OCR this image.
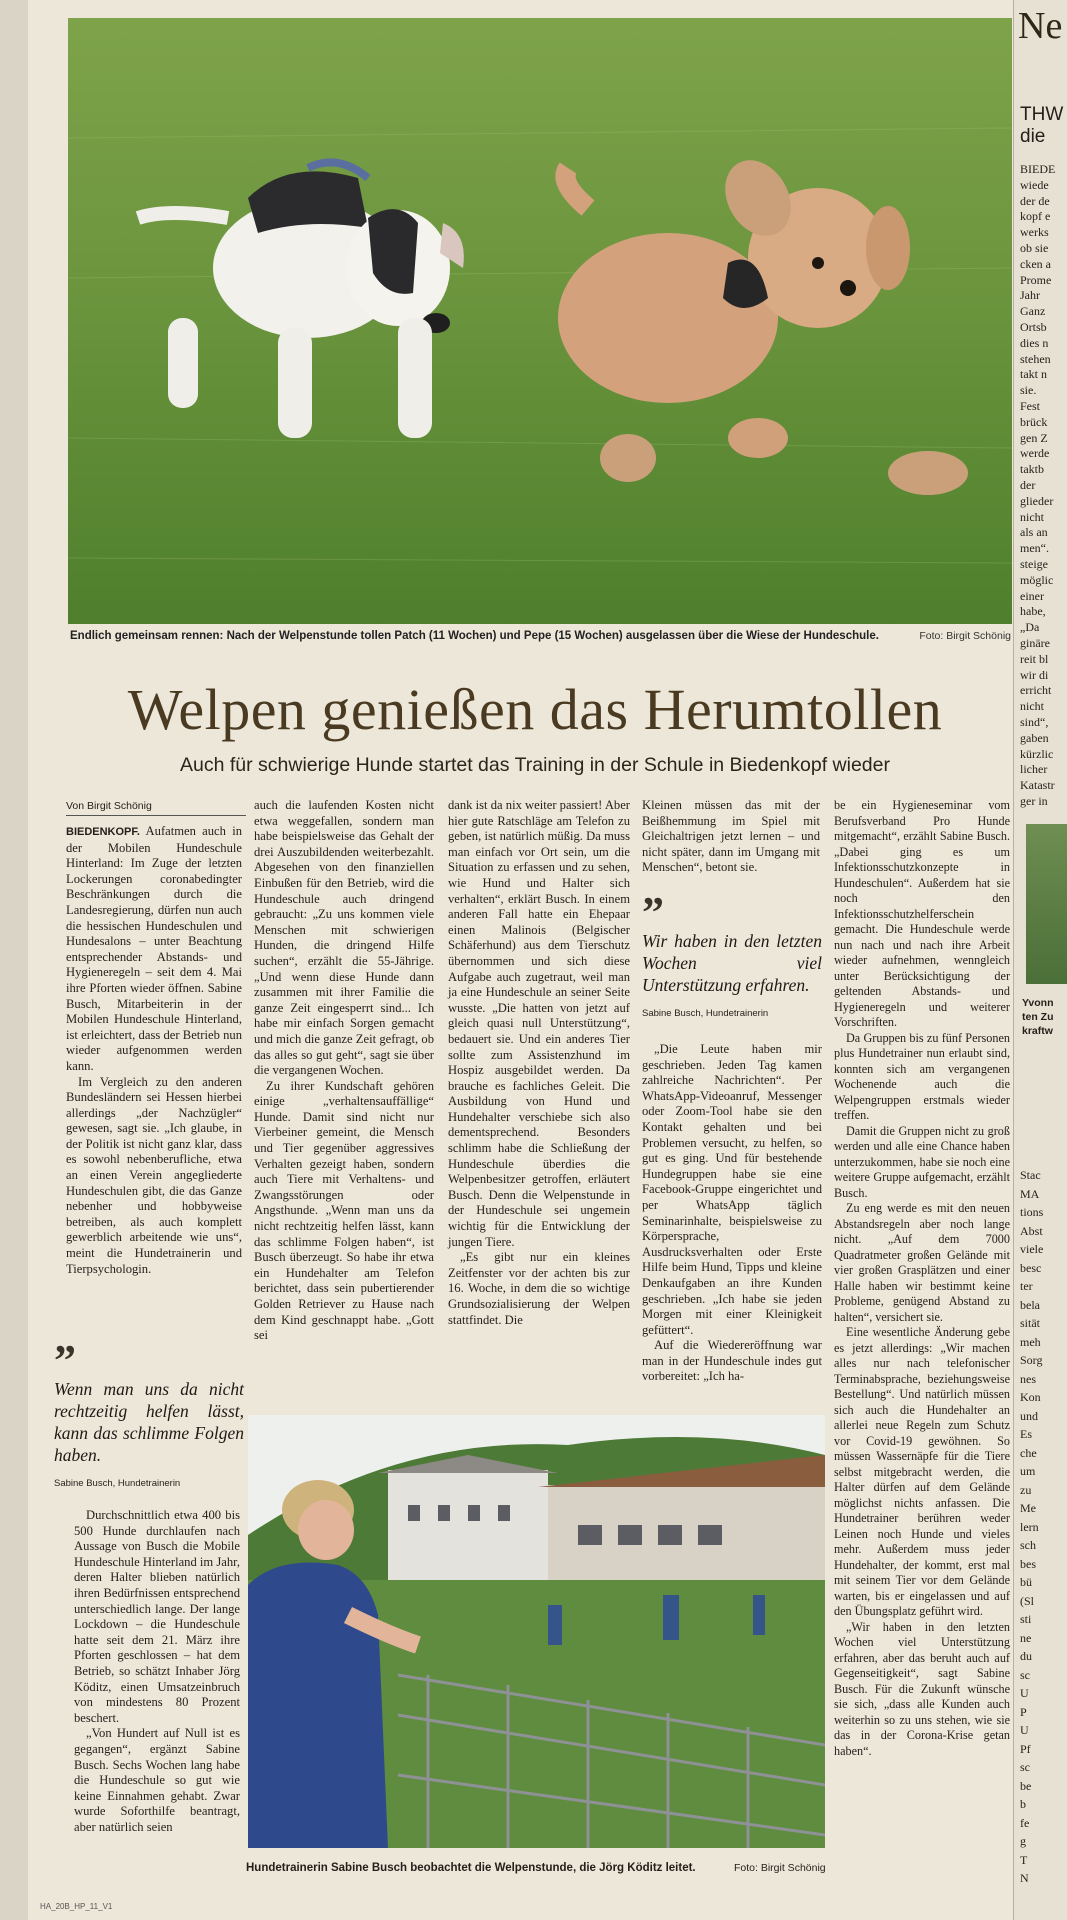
Endlich gemeinsam rennen: Nach der Welpenstunde tollen Patch (11 Wochen) und Pepe (15 Wochen) ausgelassen über die Wiese der Hundeschule.	Foto: Birgit Schönig
Welpen genießen das Herumtollen
Auch für schwierige Hunde startet das Training in der Schule in Biedenkopf wieder
Von Birgit Schönig

BIEDENKOPF. Aufatmen auch in der Mobilen Hundeschule Hinterland: Im Zuge der letzten Lockerungen coronabedingter Beschränkungen durch die Landesregierung, dürfen nun auch die hessischen Hundeschulen und Hundesalons – unter Beachtung entsprechender Abstands- und Hygieneregeln – seit dem 4. Mai ihre Pforten wieder öffnen. Sabine Busch, Mitarbeiterin in der Mobilen Hundeschule Hinterland, ist erleichtert, dass der Betrieb nun wieder aufgenommen werden kann.

Im Vergleich zu den anderen Bundesländern sei Hessen hierbei allerdings „der Nachzügler“ gewesen, sagt sie. „Ich glaube, in der Politik ist nicht ganz klar, dass es sowohl nebenberufliche, etwa an einen Verein angegliederte Hundeschulen gibt, die das Ganze nebenher und hobbyweise betreiben, als auch komplett gewerblich arbeitende wie uns“, meint die Hundetrainerin und Tierpsychologin.

”
Wenn man uns da nicht rechtzeitig helfen lässt, kann das schlimme Folgen haben.
Sabine Busch, Hundetrainerin

Durchschnittlich etwa 400 bis 500 Hunde durchlaufen nach Aussage von Busch die Mobile Hundeschule Hinterland im Jahr, deren Halter blieben natürlich ihren Bedürfnissen entsprechend unterschiedlich lange. Der lange Lockdown – die Hundeschule hatte seit dem 21. März ihre Pforten geschlossen – hat dem Betrieb, so schätzt Inhaber Jörg Köditz, einen Umsatzeinbruch von mindestens 80 Prozent beschert.

„Von Hundert auf Null ist es gegangen“, ergänzt Sabine Busch. Sechs Wochen lang habe die Hundeschule so gut wie keine Einnahmen gehabt. Zwar wurde Soforthilfe beantragt, aber natürlich seien

auch die laufenden Kosten nicht etwa weggefallen, sondern man habe beispielsweise das Gehalt der drei Auszubildenden weiterbezahlt. Abgesehen von den finanziellen Einbußen für den Betrieb, wird die Hundeschule auch dringend gebraucht: „Zu uns kommen viele Menschen mit schwierigen Hunden, die dringend Hilfe suchen“, erzählt die 55-Jährige. „Und wenn diese Hunde dann zusammen mit ihrer Familie die ganze Zeit eingesperrt sind... Ich habe mir einfach Sorgen gemacht und mich die ganze Zeit gefragt, ob das alles so gut geht“, sagt sie über die vergangenen Wochen.

Zu ihrer Kundschaft gehören einige „verhaltensauffällige“ Hunde. Damit sind nicht nur Vierbeiner gemeint, die Mensch und Tier gegenüber aggressives Verhalten gezeigt haben, sondern auch Tiere mit Verhaltens- und Zwangsstörungen oder Angsthunde. „Wenn man uns da nicht rechtzeitig helfen lässt, kann das schlimme Folgen haben“, ist Busch überzeugt. So habe ihr etwa ein Hundehalter am Telefon berichtet, dass sein pubertierender Golden Retriever zu Hause nach dem Kind geschnappt habe. „Gott sei

dank ist da nix weiter passiert! Aber hier gute Ratschläge am Telefon zu geben, ist natürlich müßig. Da muss man einfach vor Ort sein, um die Situation zu erfassen und zu sehen, wie Hund und Halter sich verhalten“, erklärt Busch. In einem anderen Fall hatte ein Ehepaar einen Malinois (Belgischer Schäferhund) aus dem Tierschutz übernommen und sich diese Aufgabe auch zugetraut, weil man ja eine Hundeschule an seiner Seite wusste. „Die hatten von jetzt auf gleich quasi null Unterstützung“, bedauert sie. Und ein anderes Tier sollte zum Assistenzhund im Hospiz ausgebildet werden. Da brauche es fachliches Geleit. Die Ausbildung von Hund und Hundehalter verschiebe sich also dementsprechend. Besonders schlimm habe die Schließung der Hundeschule überdies die Welpenbesitzer getroffen, erläutert Busch. Denn die Welpenstunde in der Hundeschule sei ungemein wichtig für die Entwicklung der jungen Tiere.

„Es gibt nur ein kleines Zeitfenster vor der achten bis zur 16. Woche, in dem die so wichtige Grundsozialisierung der Welpen stattfindet. Die

Kleinen müssen das mit der Beißhemmung im Spiel mit Gleichaltrigen jetzt lernen – und nicht später, dann im Umgang mit Menschen“, betont sie.

”
Wir haben in den letzten Wochen viel Unterstützung erfahren.
Sabine Busch, Hundetrainerin

„Die Leute haben mir geschrieben. Jeden Tag kamen zahlreiche Nachrichten“. Per WhatsApp-Videoanruf, Messenger oder Zoom-Tool habe sie den Kontakt gehalten und bei Problemen versucht, zu helfen, so gut es ging. Und für bestehende Hundegruppen habe sie eine Facebook-Gruppe eingerichtet und per WhatsApp täglich Seminarinhalte, beispielsweise zu Körpersprache, Ausdrucksverhalten oder Erste Hilfe beim Hund, Tipps und kleine Denkaufgaben an ihre Kunden geschrieben. „Ich habe sie jeden Morgen mit einer Kleinigkeit gefüttert“.

Auf die Wiedereröffnung war man in der Hundeschule indes gut vorbereitet: „Ich ha-

be ein Hygieneseminar vom Berufsverband Pro Hunde mitgemacht“, erzählt Sabine Busch. „Dabei ging es um Infektionsschutzkonzepte in Hundeschulen“. Außerdem hat sie noch den Infektionsschutzhelferschein gemacht. Die Hundeschule werde nun nach und nach ihre Arbeit wieder aufnehmen, wenngleich unter Berücksichtigung der geltenden Abstands- und Hygieneregeln und weiterer Vorschriften.

Da Gruppen bis zu fünf Personen plus Hundetrainer nun erlaubt sind, konnten sich am vergangenen Wochenende auch die Welpengruppen erstmals wieder treffen.

Damit die Gruppen nicht zu groß werden und alle eine Chance haben unterzukommen, habe sie noch eine weitere Gruppe aufgemacht, erzählt Busch.

Zu eng werde es mit den neuen Abstandsregeln aber noch lange nicht. „Auf dem 7000 Quadratmeter großen Gelände mit vier großen Grasplätzen und einer Halle haben wir bestimmt keine Probleme, genügend Abstand zu halten“, versichert sie.

Eine wesentliche Änderung gebe es jetzt allerdings: „Wir machen alles nur nach telefonischer Terminabsprache, beziehungsweise Bestellung“. Und natürlich müssen sich auch die Hundehalter an allerlei neue Regeln zum Schutz vor Covid-19 gewöhnen. So müssen Wassernäpfe für die Tiere selbst mitgebracht werden, die Halter dürfen auf dem Gelände möglichst nichts anfassen. Die Hundetrainer berühren weder Leinen noch Hunde und vieles mehr. Außerdem muss jeder Hundehalter, der kommt, erst mal mit seinem Tier vor dem Gelände warten, bis er eingelassen und auf den Übungsplatz geführt wird.

„Wir haben in den letzten Wochen viel Unterstützung erfahren, aber das beruht auch auf Gegenseitigkeit“, sagt Sabine Busch. Für die Zukunft wünsche sie sich, „dass alle Kunden auch weiterhin so zu uns stehen, wie sie das in der Corona-Krise getan haben“.

Hundetrainerin Sabine Busch beobachtet die Welpenstunde, die Jörg Köditz leitet.	Foto: Birgit Schönig
HA_20B_HP_11_V1
Ne
THW
die
BIEDE
wiede
der de
kopf e
werks
ob sie
cken a
Prome
Jahr
Ganz
Ortsb
dies n
stehen
takt n
sie.
Fest
brück
gen Z
werde
taktb
der
glieder
nicht
als an
men“.
steige
möglic
einer
habe,
„Da
ginäre
reit bl
wir di
erricht
nicht
sind“,
gaben
kürzlic
licher
Katastr
ger in
Yvonn
ten Zu
kraftw
Stac
MA
tions
Abst
viele
besc
ter
bela
sität
meh
Sorg
nes
Kon
und
Es
che
um
zu
Me
lern
sch
bes
bü
(Sl
sti
ne
du
sc
U
P
U
Pf
sc
be
b
fe
g
T
N
